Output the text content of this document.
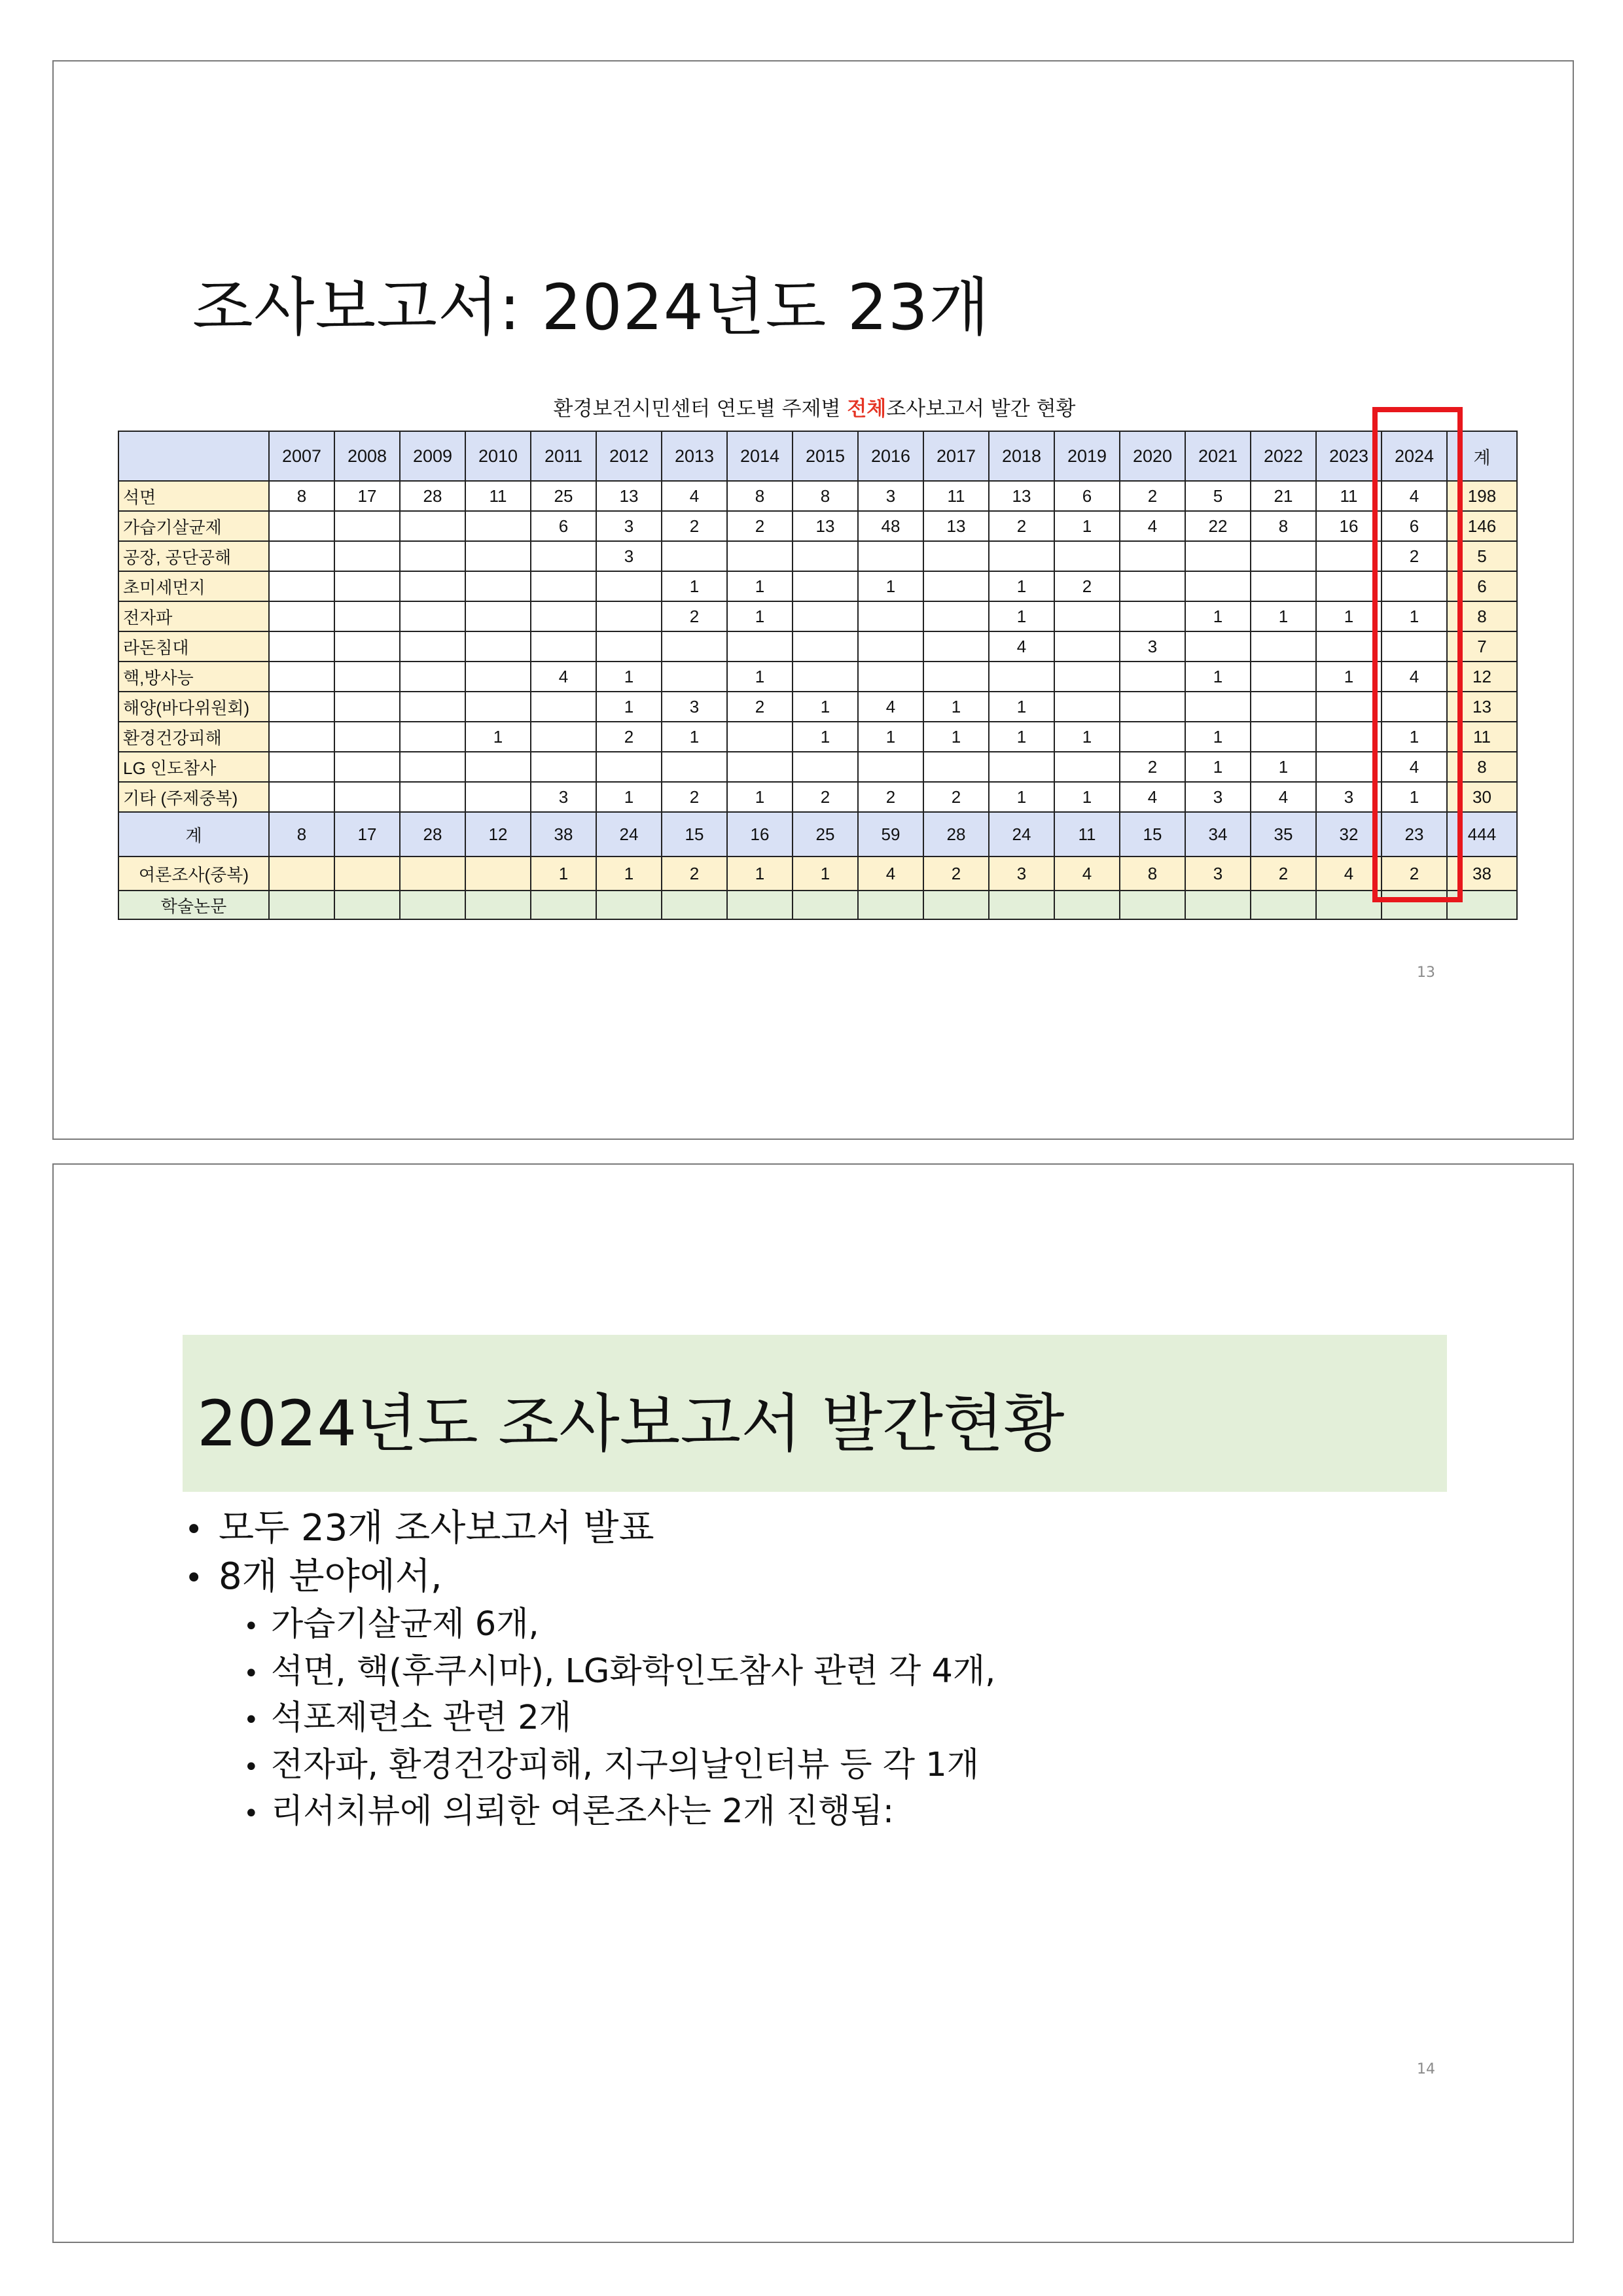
조사보고서: 2024년도 23개
환경보건시민센터 연도별 주제별 전체조사보고서 발간 현황
	2007	2008	2009	2010	2011	2012	2013	2014	2015	2016	2017	2018	2019	2020	2021	2022	2023	2024	계
석면	8	17	28	11	25	13	4	8	8	3	11	13	6	2	5	21	11	4	198
가습기살균제					6	3	2	2	13	48	13	2	1	4	22	8	16	6	146
공장, 공단공해						3												2	5
초미세먼지							1	1		1		1	2						6
전자파							2	1				1			1	1	1	1	8
라돈침대												4		3					7
핵,방사능					4	1		1							1		1	4	12
해양(바다위원회)						1	3	2	1	4	1	1							13
환경건강피해				1		2	1		1	1	1	1	1		1			1	11
LG 인도참사														2	1	1		4	8
기타 (주제중복)					3	1	2	1	2	2	2	1	1	4	3	4	3	1	30
계	8	17	28	12	38	24	15	16	25	59	28	24	11	15	34	35	32	23	444
여론조사(중복)					1	1	2	1	1	4	2	3	4	8	3	2	4	2	38
학술논문																			
13
2024년도 조사보고서 발간현황
• 모두 23개 조사보고서 발표
• 8개 분야에서,
• 가습기살균제 6개,
• 석면, 핵(후쿠시마), LG화학인도참사 관련 각 4개,
• 석포제련소 관련 2개
• 전자파, 환경건강피해, 지구의날인터뷰 등 각 1개
• 리서치뷰에 의뢰한 여론조사는 2개 진행됨:
14
